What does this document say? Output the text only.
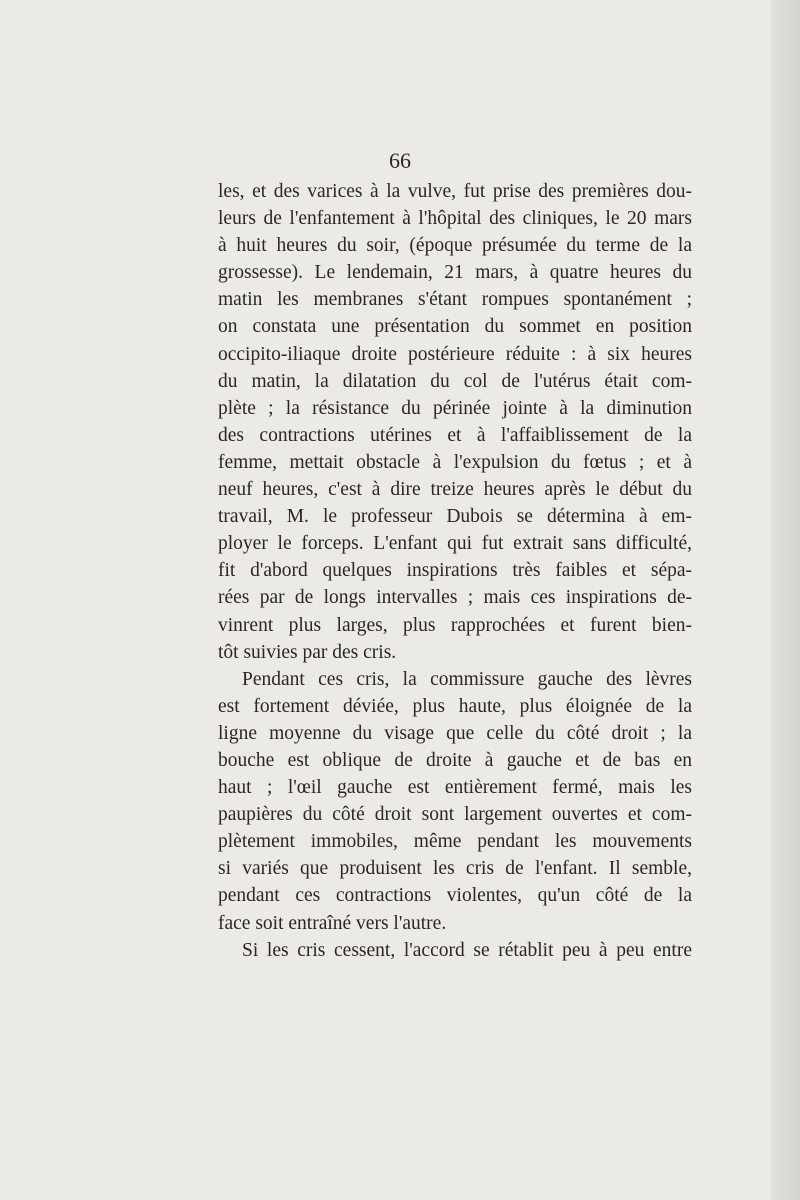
66

les, et des varices à la vulve, fut prise des premières dou-
leurs de l'enfantement à l'hôpital des cliniques, le 20 mars
à huit heures du soir, (époque présumée du terme de la
grossesse). Le lendemain, 21 mars, à quatre heures du
matin les membranes s'étant rompues spontanément ;
on constata une présentation du sommet en position
occipito-iliaque droite postérieure réduite : à six heures
du matin, la dilatation du col de l'utérus était com-
plète ; la résistance du périnée jointe à la diminution
des contractions utérines et à l'affaiblissement de la
femme, mettait obstacle à l'expulsion du fœtus ; et à
neuf heures, c'est à dire treize heures après le début du
travail, M. le professeur Dubois se détermina à em-
ployer le forceps. L'enfant qui fut extrait sans difficulté,
fit d'abord quelques inspirations très faibles et sépa-
rées par de longs intervalles ; mais ces inspirations de-
vinrent plus larges, plus rapprochées et furent bien-
tôt suivies par des cris.
Pendant ces cris, la commissure gauche des lèvres
est fortement déviée, plus haute, plus éloignée de la
ligne moyenne du visage que celle du côté droit ; la
bouche est oblique de droite à gauche et de bas en
haut ; l'œil gauche est entièrement fermé, mais les
paupières du côté droit sont largement ouvertes et com-
plètement immobiles, même pendant les mouvements
si variés que produisent les cris de l'enfant. Il semble,
pendant ces contractions violentes, qu'un côté de la
face soit entraîné vers l'autre.
Si les cris cessent, l'accord se rétablit peu à peu entre
